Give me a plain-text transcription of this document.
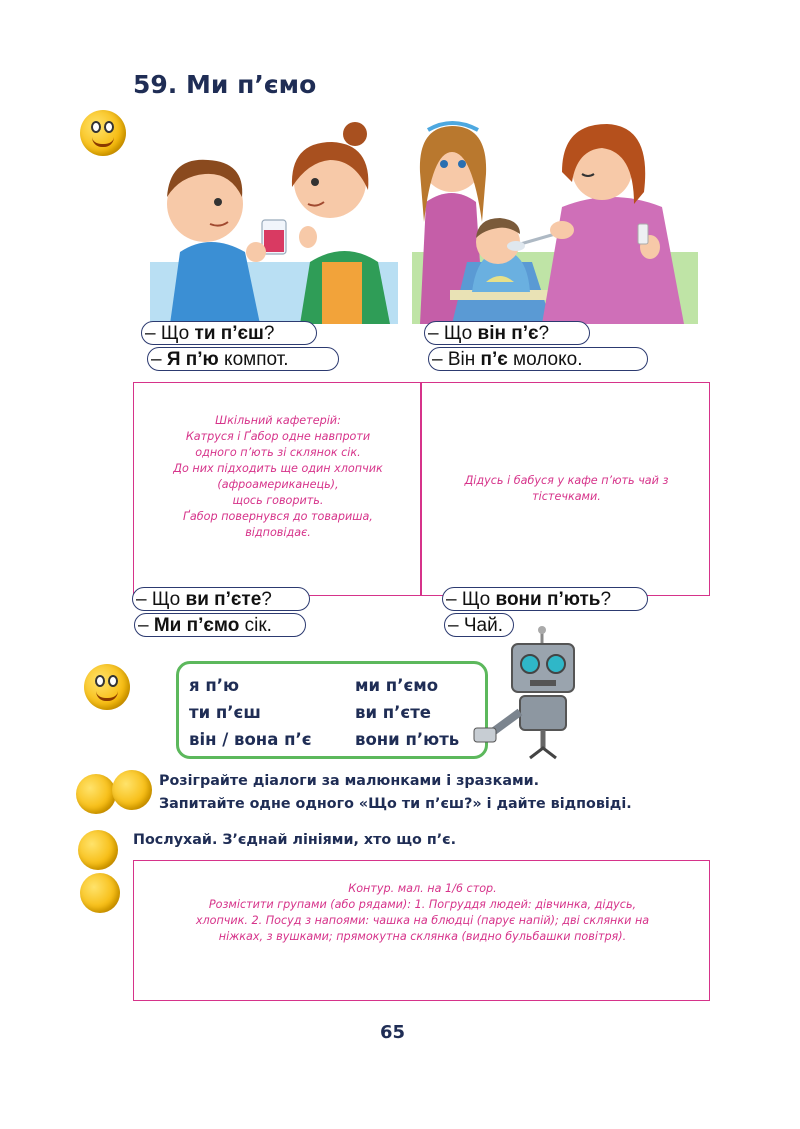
59. Ми п’ємо
– Що ти п’єш?
– Я п’ю компот.
– Що він п’є?
– Він п’є молоко.
Шкільний кафетерій:
Катруся і Ґабор одне навпроти
одного п’ють зі склянок сік.
До них підходить ще один хлопчик
(афроамериканець),
щось говорить.
Ґабор повернувся до товариша,
відповідає.
Дідусь і бабуся у кафе п’ють чай з
тістечками.
– Що ви п’єте?
– Ми п’ємо сік.
– Що вони п’ють?
– Чай.
я п’ю	ми п’ємо
ти п’єш	ви п’єте
він / вона п’є	вони п’ють
Розігрaйте діалоги за малюнками і зразками.
Запитайте одне одного «Що ти п’єш?» і дайте відповіді.
Послухай. З’єднай лініями, хто що п’є.
Контур. мал. на 1/6 стор.
Розмістити групами (або рядами): 1. Погруддя людей: дівчинка, дідусь,
хлопчик. 2. Посуд з напоями: чашка на блюдці (парує напій); дві склянки на
ніжках, з вушками; прямокутна склянка (видно бульбашки повітря).
65
